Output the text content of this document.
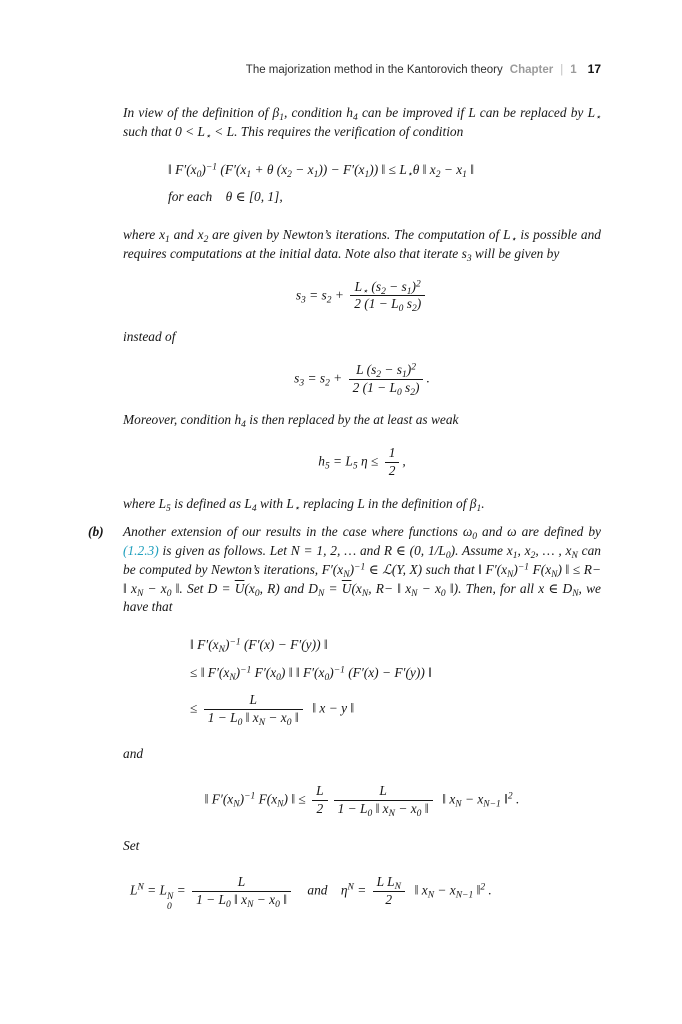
The majorization method in the Kantorovich theory Chapter | 1 17

In view of the definition of $\beta_1$, condition $h_4$ can be improved if L can be replaced by $L_⋆$ such that $0 < L_⋆ < L$. This requires the verification of condition

‖ $F'(x_0)^{-1}$ ($F'(x_1 + \theta$ $(x_2 - x_1)) - F'(x_1)$) ‖ ≤ $L_⋆\theta$ ‖ $x_2 - x_1$ ‖
for each θ ∈ [0, 1],

where $x_1$ and $x_2$ are given by Newton’s iterations. The computation of $L_⋆$ is possible and requires computations at the initial data. Note also that iterate $s_3$ will be given by

$s_3 = s_2 + \frac{L_⋆ (s_2 - s_1)^2}{2 (1 - L_0 s_2)}$

instead of

$s_3 = s_2 + \frac{L (s_2 - s_1)^2}{2 (1 - L_0 s_2)}$ .

Moreover, condition $h_4$ is then replaced by the at least as weak

$h_5 = L_5$ $\eta \le \frac{1}{2}$ ,

where $L_5$ is defined as $L_4$ with $L_⋆$ replacing L in the definition of $\beta_1$.

(b)	Another extension of our results in the case where functions $\omega_0$ and ω are defined by (1.2.3) is given as follows. Let N = 1, 2, … and R ∈ (0, $1/L_0$). Assume $x_1$, $x_2$, … , $x_N$ can be computed by Newton’s iterations, $F'(x_N)^{-1}$ ∈ ℒ(Y, X) such that ‖ $F'(x_N)^{-1}$ $F(x_N)$ ‖ ≤ R− ‖ $x_N - x_0$ ‖. Set $D = \overline{U}(x_0$, R) and $D_N = \overline{U}(x_N$, R− ‖ $x_N - x_0$ ‖). Then, for all x ∈ $D_N$, we have that
‖ $F'(x_N)^{-1}$ (F′(x) − F′(y)) ‖
≤ ‖ $F'(x_N)^{-1}$ $F'(x_0)$ ‖ ‖ $F'(x_0)^{-1}$ (F′(x) − F′(y)) ‖
≤ $\frac{L}{1 - L_0 ‖ x_N - x_0 ‖}$  ‖ x − y ‖

and

‖ $F'(x_N)^{-1}$ $F(x_N)$ ‖ ≤ $\frac{L}{2} \frac{L}{1 - L_0 ‖ x_N - x_0 ‖}$  ‖ $x_N - x_{N-1}$ ‖$^2$ .

Set

$L^N = L$ N
0
= $\frac{L}{1 - L_0 ‖ x_N - x_0 ‖}$  and $\eta^N = \frac{L L_N}{2}$  ‖ $x_N - x_{N-1}$ ‖$^2$ .
